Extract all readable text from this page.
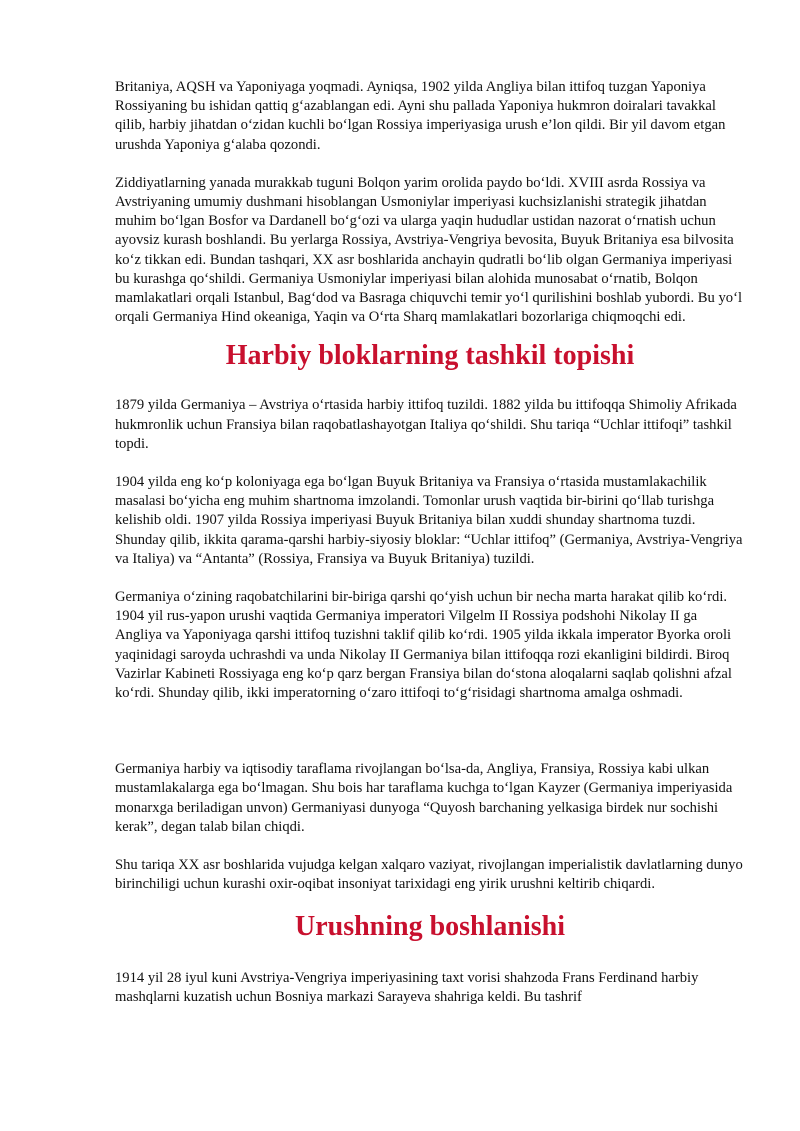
Britaniya, AQSH va Yaponiyaga yoqmadi. Ayniqsa, 1902 yilda Angliya bilan ittifoq tuzgan Yaponiya Rossiyaning bu ishidan qattiq g‘azablangan edi. Ayni shu pallada Yaponiya hukmron doiralari tavakkal qilib, harbiy jihatdan o‘zidan kuchli bo‘lgan Rossiya imperiyasiga urush e’lon qildi. Bir yil davom etgan urushda Yaponiya g‘alaba qozondi.

Ziddiyatlarning yanada murakkab tuguni Bolqon yarim orolida paydo bo‘ldi. XVIII asrda Rossiya va Avstriyaning umumiy dushmani hisoblangan Usmoniylar imperiyasi kuchsizlanishi strategik jihatdan muhim bo‘lgan Bosfor va Dardanell bo‘g‘ozi va ularga yaqin hududlar ustidan nazorat o‘rnatish uchun ayovsiz kurash boshlandi. Bu yerlarga Rossiya, Avstriya-Vengriya bevosita, Buyuk Britaniya esa bilvosita ko‘z tikkan edi. Bundan tashqari, XX asr boshlarida anchayin qudratli bo‘lib olgan Germaniya imperiyasi bu kurashga qo‘shildi. Germaniya Usmoniylar imperiyasi bilan alohida munosabat o‘rnatib, Bolqon mamlakatlari orqali Istanbul, Bag‘dod va Basraga chiquvchi temir yo‘l qurilishini boshlab yubordi. Bu yo‘l orqali Germaniya Hind okeaniga, Yaqin va O‘rta Sharq mamlakatlari bozorlariga chiqmoqchi edi.

Harbiy bloklarning tashkil topishi

1879 yilda Germaniya – Avstriya o‘rtasida harbiy ittifoq tuzildi. 1882 yilda bu ittifoqqa Shimoliy Afrikada hukmronlik uchun Fransiya bilan raqobatlashayotgan Italiya qo‘shildi. Shu tariqa “Uchlar ittifoqi” tashkil topdi.

1904 yilda eng ko‘p koloniyaga ega bo‘lgan Buyuk Britaniya va Fransiya o‘rtasida mustamlakachilik masalasi bo‘yicha eng muhim shartnoma imzolandi. Tomonlar urush vaqtida bir-birini qo‘llab turishga kelishib oldi. 1907 yilda Rossiya imperiyasi Buyuk Britaniya bilan xuddi shunday shartnoma tuzdi. Shunday qilib, ikkita qarama-qarshi harbiy-siyosiy bloklar: “Uchlar ittifoq” (Germaniya, Avstriya-Vengriya va Italiya) va “Antanta” (Rossiya, Fransiya va Buyuk Britaniya) tuzildi.

Germaniya o‘zining raqobatchilarini bir-biriga qarshi qo‘yish uchun bir necha marta harakat qilib ko‘rdi. 1904 yil rus-yapon urushi vaqtida Germaniya imperatori Vilgelm II Rossiya podshohi Nikolay II ga Angliya va Yaponiyaga qarshi ittifoq tuzishni taklif qilib ko‘rdi. 1905 yilda ikkala imperator Byorka oroli yaqinidagi saroyda uchrashdi va unda Nikolay II Germaniya bilan ittifoqqa rozi ekanligini bildirdi. Biroq Vazirlar Kabineti Rossiyaga eng ko‘p qarz bergan Fransiya bilan do‘stona aloqalarni saqlab qolishni afzal ko‘rdi. Shunday qilib, ikki imperatorning o‘zaro ittifoqi to‘g‘risidagi shartnoma amalga oshmadi.

Germaniya harbiy va iqtisodiy taraflama rivojlangan bo‘lsa-da, Angliya, Fransiya, Rossiya kabi ulkan mustamlakalarga ega bo‘lmagan. Shu bois har taraflama kuchga to‘lgan Kayzer (Germaniya imperiyasida monarxga beriladigan unvon) Germaniyasi dunyoga “Quyosh barchaning yelkasiga birdek nur sochishi kerak”, degan talab bilan chiqdi.

Shu tariqa XX asr boshlarida vujudga kelgan xalqaro vaziyat, rivojlangan imperialistik davlatlarning dunyo birinchiligi uchun kurashi oxir-oqibat insoniyat tarixidagi eng yirik urushni keltirib chiqardi.

Urushning boshlanishi

1914 yil 28 iyul kuni Avstriya-Vengriya imperiyasining taxt vorisi shahzoda Frans Ferdinand harbiy mashqlarni kuzatish uchun Bosniya markazi Sarayeva shahriga keldi. Bu tashrif
